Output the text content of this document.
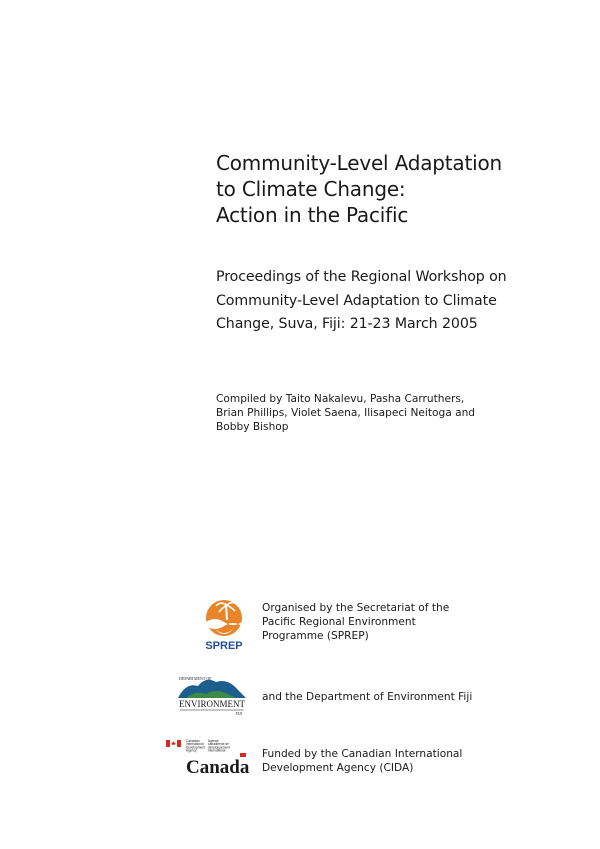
Community-Level Adaptation
to Climate Change:
Action in the Pacific

Proceedings of the Regional Workshop on
Community-Level Adaptation to Climate
Change, Suva, Fiji: 21-23 March 2005

Compiled by Taito Nakalevu, Pasha Carruthers,
Brian Phillips, Violet Saena, Ilisapeci Neitoga and
Bobby Bishop

SPREP

Organised by the Secretariat of the
Pacific Regional Environment
Programme (SPREP)

DEPARTMENT OF
ENVIRONMENT
FIJI

and the Department of Environment Fiji

Canadian
International
Development
Agency
Agence
canadienne de
développement
international
Canada

Funded by the Canadian International
Development Agency (CIDA)
